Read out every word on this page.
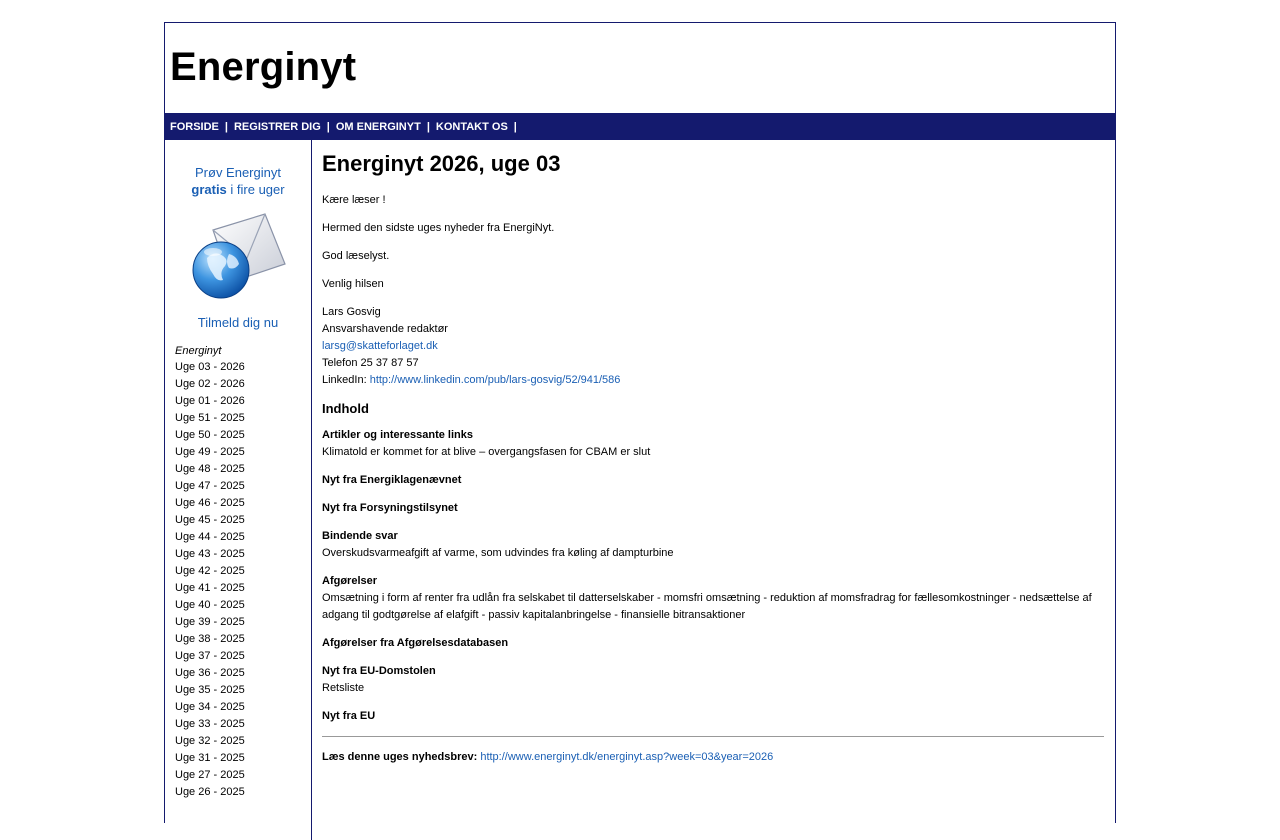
Energinyt
FORSIDE | REGISTRER DIG | OM ENERGINYT | KONTAKT OS |
Prøv Energinyt
gratis i fire uger
Tilmeld dig nu
Energinyt
Uge 03 - 2026
Uge 02 - 2026
Uge 01 - 2026
Uge 51 - 2025
Uge 50 - 2025
Uge 49 - 2025
Uge 48 - 2025
Uge 47 - 2025
Uge 46 - 2025
Uge 45 - 2025
Uge 44 - 2025
Uge 43 - 2025
Uge 42 - 2025
Uge 41 - 2025
Uge 40 - 2025
Uge 39 - 2025
Uge 38 - 2025
Uge 37 - 2025
Uge 36 - 2025
Uge 35 - 2025
Uge 34 - 2025
Uge 33 - 2025
Uge 32 - 2025
Uge 31 - 2025
Uge 27 - 2025
Uge 26 - 2025
Energinyt 2026, uge 03
Kære læser !
Hermed den sidste uges nyheder fra EnergiNyt.
God læselyst.
Venlig hilsen
Lars Gosvig
Ansvarshavende redaktør
larsg@skatteforlaget.dk
Telefon 25 37 87 57
LinkedIn: http://www.linkedin.com/pub/lars-gosvig/52/941/586
Indhold
Artikler og interessante links
Klimatold er kommet for at blive – overgangsfasen for CBAM er slut
Nyt fra Energiklagenævnet
Nyt fra Forsyningstilsynet
Bindende svar
Overskudsvarmeafgift af varme, som udvindes fra køling af dampturbine
Afgørelser
Omsætning i form af renter fra udlån fra selskabet til datterselskaber - momsfri omsætning - reduktion af momsfradrag for fællesomkostninger - nedsættelse af adgang til godtgørelse af elafgift - passiv kapitalanbringelse - finansielle bitransaktioner
Afgørelser fra Afgørelsesdatabasen
Nyt fra EU-Domstolen
Retsliste
Nyt fra EU
Læs denne uges nyhedsbrev: http://www.energinyt.dk/energinyt.asp?week=03&year=2026
